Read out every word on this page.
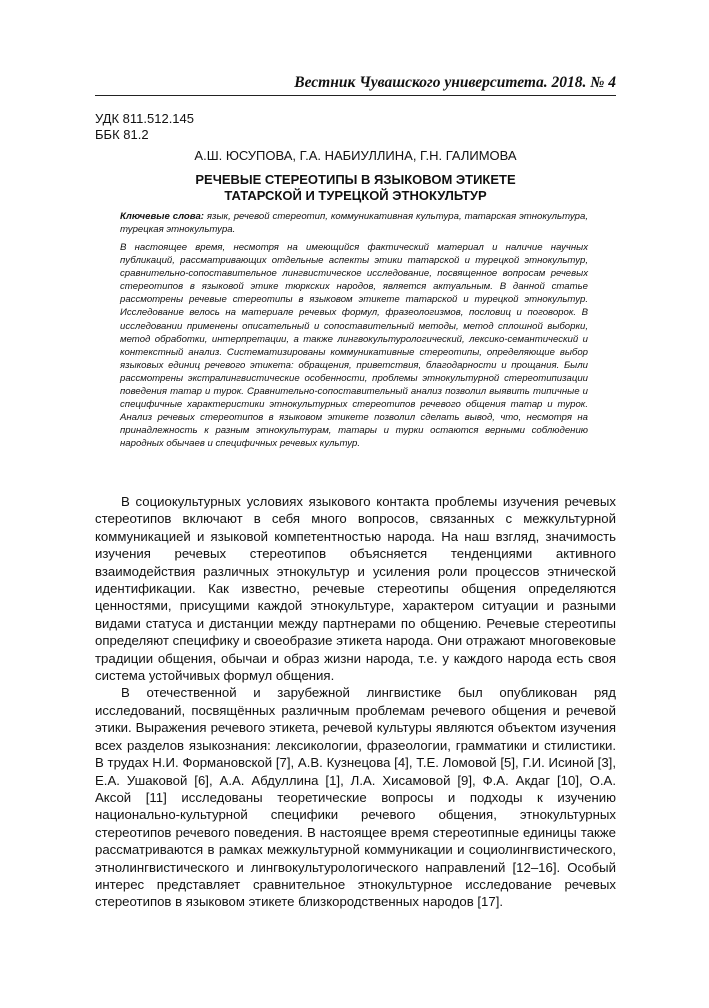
Вестник Чувашского университета. 2018. № 4
УДК 811.512.145
ББК 81.2
А.Ш. ЮСУПОВА, Г.А. НАБИУЛЛИНА, Г.Н. ГАЛИМОВА
РЕЧЕВЫЕ СТЕРЕОТИПЫ В ЯЗЫКОВОМ ЭТИКЕТЕ
ТАТАРСКОЙ И ТУРЕЦКОЙ ЭТНОКУЛЬТУР
Ключевые слова: язык, речевой стереотип, коммуникативная культура, татарская этнокультура, турецкая этнокультура.
В настоящее время, несмотря на имеющийся фактический материал и наличие научных публикаций, рассматривающих отдельные аспекты этики татарской и турецкой этнокультур, сравнительно-сопоставительное лингвистическое исследование, посвященное вопросам речевых стереотипов в языковой этике тюркских народов, является актуальным. В данной статье рассмотрены речевые стереотипы в языковом этикете татарской и турецкой этнокультур. Исследование велось на материале речевых формул, фразеологизмов, пословиц и поговорок. В исследовании применены описательный и сопоставительный методы, метод сплошной выборки, метод обработки, интерпретации, а также лингвокультурологический, лексико-семантический и контекстный анализ. Систематизированы коммуникативные стереотипы, определяющие выбор языковых единиц речевого этикета: обращения, приветствия, благодарности и прощания. Были рассмотрены экстралингвистические особенности, проблемы этнокультурной стереотипизации поведения татар и турок. Сравнительно-сопоставительный анализ позволил выявить типичные и специфичные характеристики этнокультурных стереотипов речевого общения татар и турок. Анализ речевых стереотипов в языковом этикете позволил сделать вывод, что, несмотря на принадлежность к разным этнокультурам, татары и турки остаются верными соблюдению народных обычаев и специфичных речевых культур.

В социокультурных условиях языкового контакта проблемы изучения речевых стереотипов включают в себя много вопросов, связанных с межкультурной коммуникацией и языковой компетентностью народа. На наш взгляд, значимость изучения речевых стереотипов объясняется тенденциями активного взаимодействия различных этнокультур и усиления роли процессов этнической идентификации. Как известно, речевые стереотипы общения определяются ценностями, присущими каждой этнокультуре, характером ситуации и разными видами статуса и дистанции между партнерами по общению. Речевые стереотипы определяют специфику и своеобразие этикета народа. Они отражают многовековые традиции общения, обычаи и образ жизни народа, т.е. у каждого народа есть своя система устойчивых формул общения.

В отечественной и зарубежной лингвистике был опубликован ряд исследований, посвящённых различным проблемам речевого общения и речевой этики. Выражения речевого этикета, речевой культуры являются объектом изучения всех разделов языкознания: лексикологии, фразеологии, грамматики и стилистики. В трудах Н.И. Формановской [7], А.В. Кузнецова [4], Т.Е. Ломовой [5], Г.И. Исиной [3], Е.А. Ушаковой [6], А.А. Абдуллина [1], Л.А. Хисамовой [9], Ф.А. Акдаг [10], О.А. Аксой [11] исследованы теоретические вопросы и подходы к изучению национально-культурной специфики речевого общения, этнокультурных стереотипов речевого поведения. В настоящее время стереотипные единицы также рассматриваются в рамках межкультурной коммуникации и социолингвистического, этнолингвистического и лингвокультурологического направлений [12–16]. Особый интерес представляет сравнительное этнокультурное исследование речевых стереотипов в языковом этикете близкородственных народов [17].
